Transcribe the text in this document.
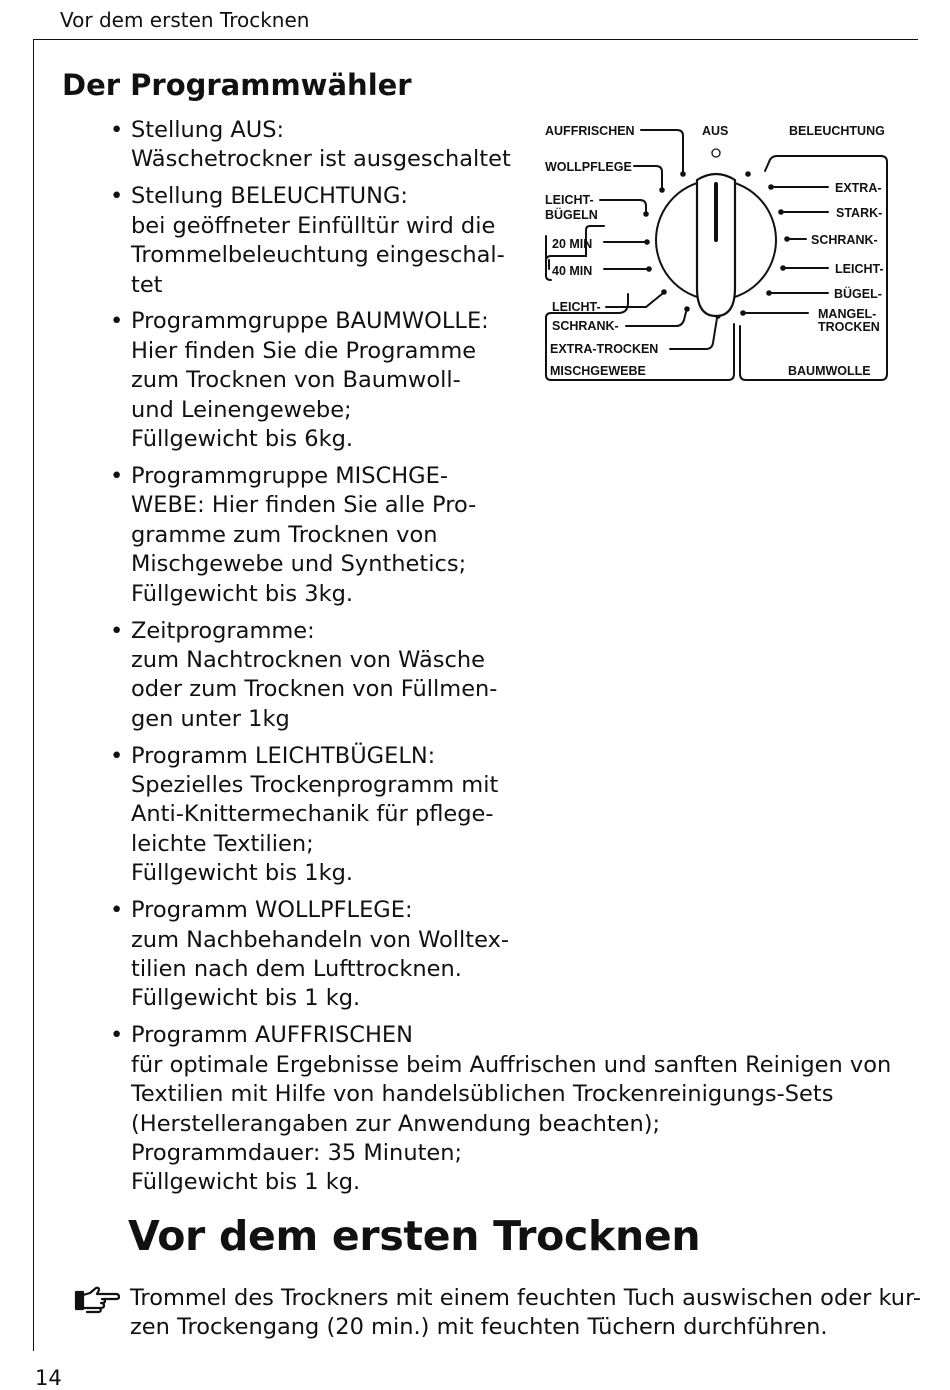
Vor dem ersten Trocknen
Der Programmwähler
• Stellung AUS:
Wäschetrockner ist ausgeschaltet
• Stellung BELEUCHTUNG:
bei geöffneter Einfülltür wird die
Trommelbeleuchtung eingeschal-
tet
• Programmgruppe BAUMWOLLE:
Hier finden Sie die Programme
zum Trocknen von Baumwoll-
und Leinengewebe;
Füllgewicht bis 6kg.
• Programmgruppe MISCHGE-
WEBE: Hier finden Sie alle Pro-
gramme zum Trocknen von
Mischgewebe und Synthetics;
Füllgewicht bis 3kg.
• Zeitprogramme:
zum Nachtrocknen von Wäsche
oder zum Trocknen von Füllmen-
gen unter 1kg
• Programm LEICHTBÜGELN:
Spezielles Trockenprogramm mit
Anti-Knittermechanik für pflege-
leichte Textilien;
Füllgewicht bis 1kg.
• Programm WOLLPFLEGE:
zum Nachbehandeln von Wolltex-
tilien nach dem Lufttrocknen.
Füllgewicht bis 1 kg.
• Programm AUFFRISCHEN
für optimale Ergebnisse beim Auffrischen und sanften Reinigen von
Textilien mit Hilfe von handelsüblichen Trockenreinigungs-Sets
(Herstellerangaben zur Anwendung beachten);
Programmdauer: 35 Minuten;
Füllgewicht bis 1 kg.
AUFFRISCHEN	AUS	BELEUCHTUNG
WOLLPFLEGE
LEICHT-
BÜGELN
20 MIN
40 MIN
LEICHT-
SCHRANK-
EXTRA-TROCKEN
MISCHGEWEBE
EXTRA-
STARK-
SCHRANK-
LEICHT-
BÜGEL-
MANGEL-
TROCKEN
BAUMWOLLE
Vor dem ersten Trocknen
Trommel des Trockners mit einem feuchten Tuch auswischen oder kur-
zen Trockengang (20 min.) mit feuchten Tüchern durchführen.
14
